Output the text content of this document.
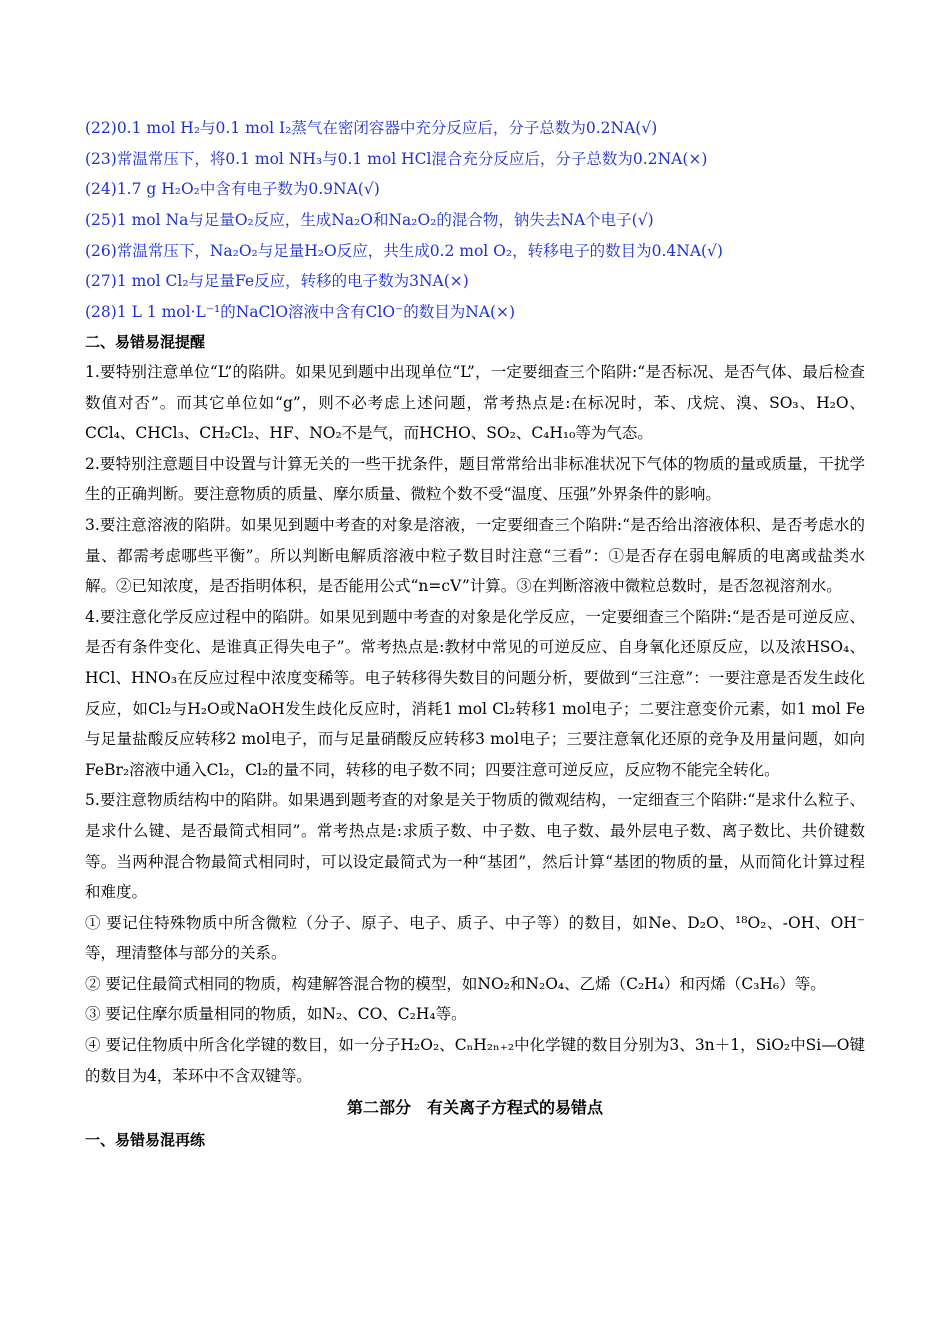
(22)0.1 mol H₂与0.1 mol I₂蒸气在密闭容器中充分反应后，分子总数为0.2NA(√)
(23)常温常压下，将0.1 mol NH₃与0.1 mol HCl混合充分反应后，分子总数为0.2NA(×)
(24)1.7 g H₂O₂中含有电子数为0.9NA(√)
(25)1 mol Na与足量O₂反应，生成Na₂O和Na₂O₂的混合物，钠失去NA个电子(√)
(26)常温常压下，Na₂O₂与足量H₂O反应，共生成0.2 mol O₂，转移电子的数目为0.4NA(√)
(27)1 mol Cl₂与足量Fe反应，转移的电子数为3NA(×)
(28)1 L 1 mol·L⁻¹的NaClO溶液中含有ClO⁻的数目为NA(×)
二、易错易混提醒
1.要特别注意单位“L”的陷阱。如果见到题中出现单位“L”，一定要细查三个陷阱:“是否标况、是否气体、最后检查数值对否”。而其它单位如“g”，则不必考虑上述问题，常考热点是:在标况时，苯、戊烷、溴、SO₃、H₂O、CCl₄、CHCl₃、CH₂Cl₂、HF、NO₂不是气，而HCHO、SO₂、C₄H₁₀等为气态。
2.要特别注意题目中设置与计算无关的一些干扰条件，题目常常给出非标准状况下气体的物质的量或质量，干扰学生的正确判断。要注意物质的质量、摩尔质量、微粒个数不受“温度、压强”外界条件的影响。
3.要注意溶液的陷阱。如果见到题中考查的对象是溶液，一定要细查三个陷阱:“是否给出溶液体积、是否考虑水的量、都需考虑哪些平衡”。所以判断电解质溶液中粒子数目时注意“三看”：①是否存在弱电解质的电离或盐类水解。②已知浓度，是否指明体积，是否能用公式“n=cV”计算。③在判断溶液中微粒总数时，是否忽视溶剂水。
4.要注意化学反应过程中的陷阱。如果见到题中考查的对象是化学反应，一定要细查三个陷阱:“是否是可逆反应、是否有条件变化、是谁真正得失电子”。常考热点是:教材中常见的可逆反应、自身氧化还原反应，以及浓HSO₄、HCl、HNO₃在反应过程中浓度变稀等。电子转移得失数目的问题分析，要做到“三注意”：一要注意是否发生歧化反应，如Cl₂与H₂O或NaOH发生歧化反应时，消耗1 mol Cl₂转移1 mol电子；二要注意变价元素，如1 mol Fe与足量盐酸反应转移2 mol电子，而与足量硝酸反应转移3 mol电子；三要注意氧化还原的竞争及用量问题，如向FeBr₂溶液中通入Cl₂，Cl₂的量不同，转移的电子数不同；四要注意可逆反应，反应物不能完全转化。
5.要注意物质结构中的陷阱。如果遇到题考查的对象是关于物质的微观结构，一定细查三个陷阱:“是求什么粒子、是求什么键、是否最简式相同”。常考热点是:求质子数、中子数、电子数、最外层电子数、离子数比、共价键数等。当两种混合物最简式相同时，可以设定最简式为一种“基团”，然后计算“基团的物质的量，从而简化计算过程和难度。
① 要记住特殊物质中所含微粒（分子、原子、电子、质子、中子等）的数目，如Ne、D₂O、¹⁸O₂、-OH、OH⁻等，理清整体与部分的关系。
② 要记住最简式相同的物质，构建解答混合物的模型，如NO₂和N₂O₄、乙烯（C₂H₄）和丙烯（C₃H₆）等。
③ 要记住摩尔质量相同的物质，如N₂、CO、C₂H₄等。
④ 要记住物质中所含化学键的数目，如一分子H₂O₂、CₙH₂ₙ₊₂中化学键的数目分别为3、3n＋1，SiO₂中Si—O键的数目为4，苯环中不含双键等。
第二部分　有关离子方程式的易错点
一、易错易混再练
